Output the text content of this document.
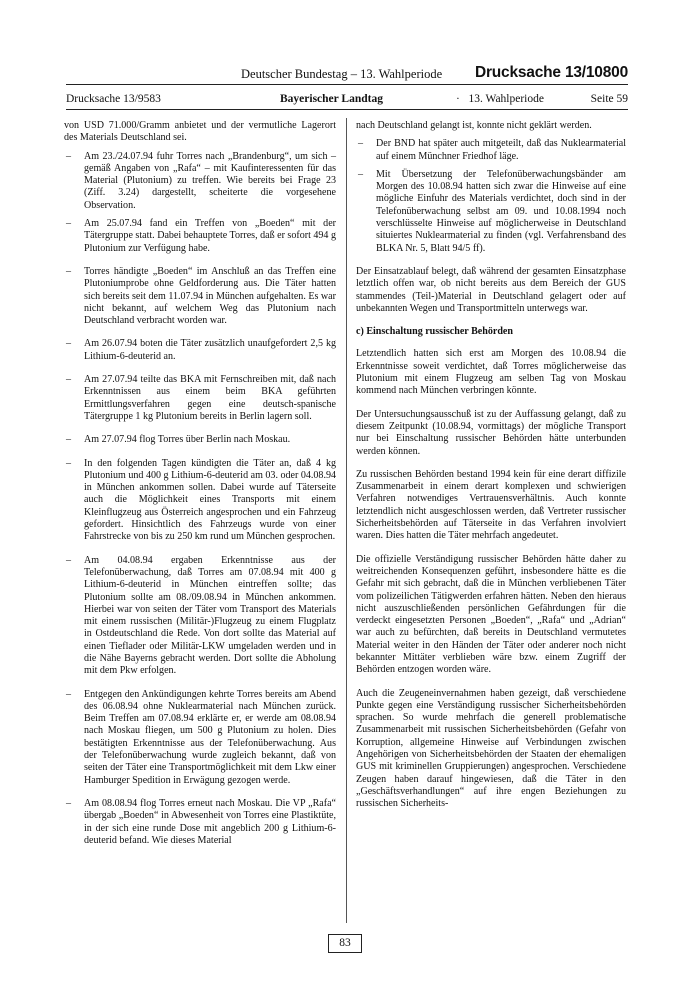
Deutscher Bundestag – 13. Wahlperiode Drucksache 13/10800
Drucksache 13/9583	Bayerischer Landtag	· 13. Wahlperiode	Seite 59

von USD 71.000/Gramm anbietet und der vermutliche Lagerort des Materials Deutschland sei.

– Am 23./24.07.94 fuhr Torres nach „Brandenburg“, um sich – gemäß Angaben von „Rafa“ – mit Kaufinteressenten für das Material (Plutonium) zu treffen. Wie bereits bei Frage 23 (Ziff. 3.24) dargestellt, scheiterte die vorgesehene Observation.
– Am 25.07.94 fand ein Treffen von „Boeden“ mit der Tätergruppe statt. Dabei behauptete Torres, daß er sofort 494 g Plutonium zur Verfügung habe.
– Torres händigte „Boeden“ im Anschluß an das Treffen eine Plutoniumprobe ohne Geldforderung aus. Die Täter hatten sich bereits seit dem 11.07.94 in München aufgehalten. Es war nicht bekannt, auf welchem Weg das Plutonium nach Deutschland verbracht worden war.
– Am 26.07.94 boten die Täter zusätzlich unaufgefordert 2,5 kg Lithium-6-deuterid an.
– Am 27.07.94 teilte das BKA mit Fernschreiben mit, daß nach Erkenntnissen aus einem beim BKA geführten Ermittlungsverfahren gegen eine deutsch-spanische Tätergruppe 1 kg Plutonium bereits in Berlin lagern soll.
– Am 27.07.94 flog Torres über Berlin nach Moskau.
– In den folgenden Tagen kündigten die Täter an, daß 4 kg Plutonium und 400 g Lithium-6-deuterid am 03. oder 04.08.94 in München ankommen sollen. Dabei wurde auf Täterseite auch die Möglichkeit eines Transports mit einem Kleinflugzeug aus Österreich angesprochen und ein Fahrzeug gefordert. Hinsichtlich des Fahrzeugs wurde von einer Fahrstrecke von bis zu 250 km rund um München gesprochen.
– Am 04.08.94 ergaben Erkenntnisse aus der Telefonüberwachung, daß Torres am 07.08.94 mit 400 g Lithium-6-deuterid in München eintreffen sollte; das Plutonium sollte am 08./09.08.94 in München ankommen. Hierbei war von seiten der Täter vom Transport des Materials mit einem russischen (Militär-)Flugzeug zu einem Flugplatz in Ostdeutschland die Rede. Von dort sollte das Material auf einen Tieflader oder Militär-LKW umgeladen werden und in die Nähe Bayerns gebracht werden. Dort sollte die Abholung mit dem Pkw erfolgen.
– Entgegen den Ankündigungen kehrte Torres bereits am Abend des 06.08.94 ohne Nuklearmaterial nach München zurück. Beim Treffen am 07.08.94 erklärte er, er werde am 08.08.94 nach Moskau fliegen, um 500 g Plutonium zu holen. Dies bestätigten Erkenntnisse aus der Telefonüberwachung. Aus der Telefonüberwachung wurde zugleich bekannt, daß von seiten der Täter eine Transportmöglichkeit mit dem Lkw einer Hamburger Spedition in Erwägung gezogen werde.
– Am 08.08.94 flog Torres erneut nach Moskau. Die VP „Rafa“ übergab „Boeden“ in Abwesenheit von Torres eine Plastiktüte, in der sich eine runde Dose mit angeblich 200 g Lithium-6-deuterid befand. Wie dieses Material

nach Deutschland gelangt ist, konnte nicht geklärt werden.

– Der BND hat später auch mitgeteilt, daß das Nuklearmaterial auf einem Münchner Friedhof läge.
– Mit Übersetzung der Telefonüberwachungsbänder am Morgen des 10.08.94 hatten sich zwar die Hinweise auf eine mögliche Einfuhr des Materials verdichtet, doch sind in der Telefonüberwachung selbst am 09. und 10.08.1994 noch verschlüsselte Hinweise auf möglicherweise in Deutschland situiertes Nuklearmaterial zu finden (vgl. Verfahrensband des BLKA Nr. 5, Blatt 94/5 ff).

Der Einsatzablauf belegt, daß während der gesamten Einsatzphase letztlich offen war, ob nicht bereits aus dem Bereich der GUS stammendes (Teil-)Material in Deutschland gelagert oder auf unbekannten Wegen und Transportmitteln unterwegs war.

c) Einschaltung russischer Behörden

Letztendlich hatten sich erst am Morgen des 10.08.94 die Erkenntnisse soweit verdichtet, daß Torres möglicherweise das Plutonium mit einem Flugzeug am selben Tag von Moskau kommend nach München verbringen könnte.

Der Untersuchungsausschuß ist zu der Auffassung gelangt, daß zu diesem Zeitpunkt (10.08.94, vormittags) der mögliche Transport nur bei Einschaltung russischer Behörden hätte unterbunden werden können.

Zu russischen Behörden bestand 1994 kein für eine derart diffizile Zusammenarbeit in einem derart komplexen und schwierigen Verfahren notwendiges Vertrauensverhältnis. Auch konnte letztendlich nicht ausgeschlossen werden, daß Vertreter russischer Sicherheitsbehörden auf Täterseite in das Verfahren involviert waren. Dies hatten die Täter mehrfach angedeutet.

Die offizielle Verständigung russischer Behörden hätte daher zu weitreichenden Konsequenzen geführt, insbesondere hätte es die Gefahr mit sich gebracht, daß die in München verbliebenen Täter vom polizeilichen Tätigwerden erfahren hätten. Neben den hieraus nicht auszuschließenden persönlichen Gefährdungen für die verdeckt eingesetzten Personen „Boeden“, „Rafa“ und „Adrian“ war auch zu befürchten, daß bereits in Deutschland vermutetes Material weiter in den Händen der Täter oder anderer noch nicht bekannter Mittäter verblieben wäre bzw. einem Zugriff der Behörden entzogen worden wäre.

Auch die Zeugeneinvernahmen haben gezeigt, daß verschiedene Punkte gegen eine Verständigung russischer Sicherheitsbehörden sprachen. So wurde mehrfach die generell problematische Zusammenarbeit mit russischen Sicherheitsbehörden (Gefahr von Korruption, allgemeine Hinweise auf Verbindungen zwischen Angehörigen von Sicherheitsbehörden der Staaten der ehemaligen GUS mit kriminellen Gruppierungen) angesprochen. Verschiedene Zeugen haben darauf hingewiesen, daß die Täter in den „Geschäftsverhandlungen“ auf ihre engen Beziehungen zu russischen Sicherheits-

83
